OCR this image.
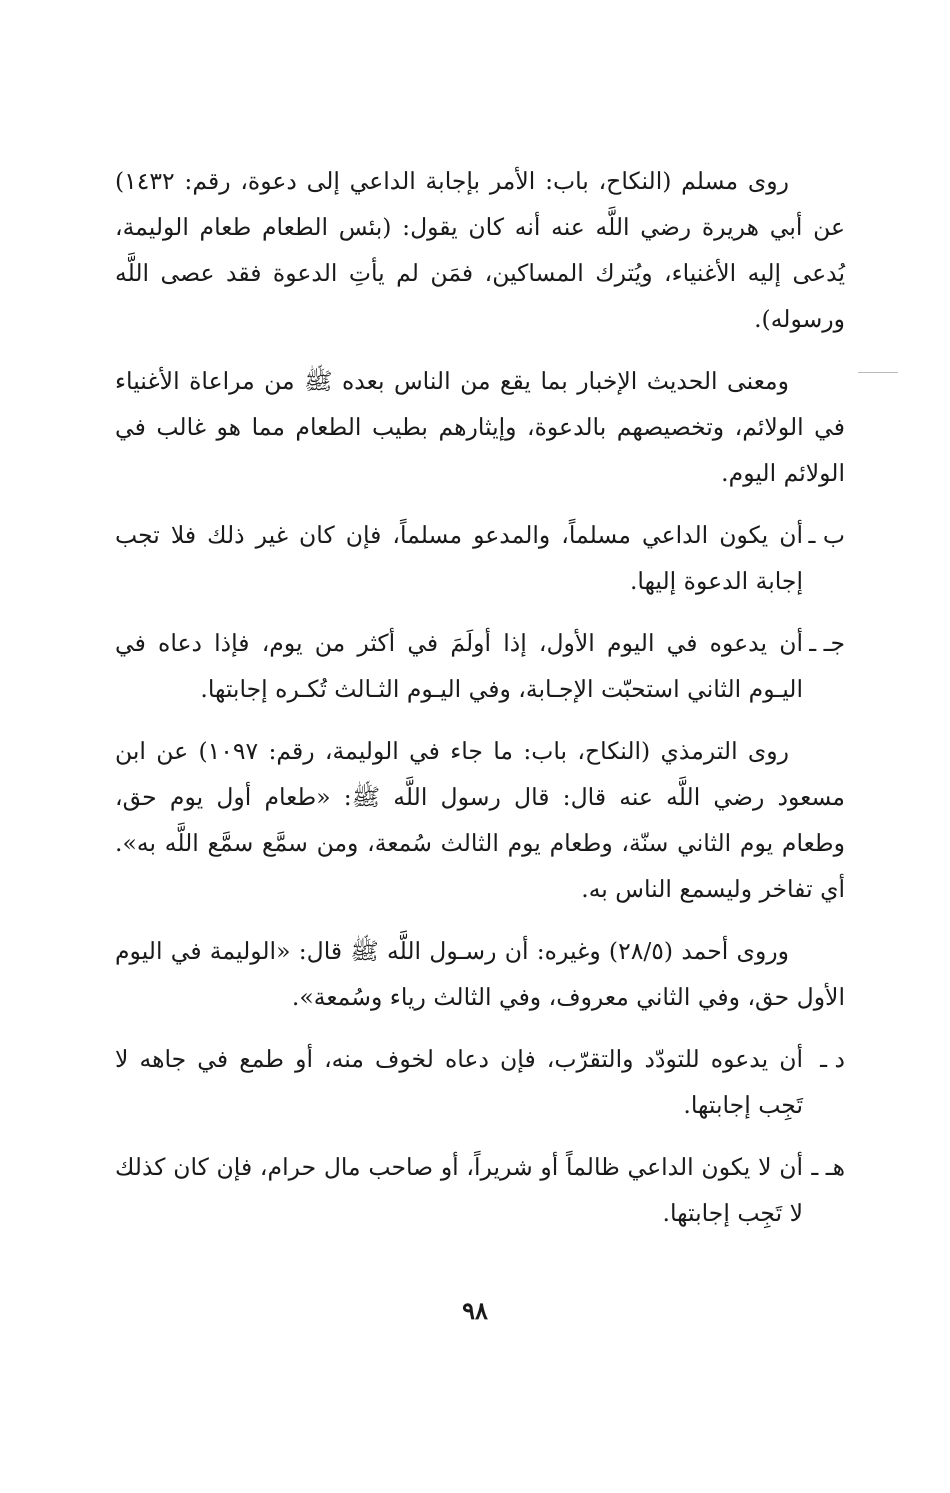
روى مسلم (النكاح، باب: الأمر بإجابة الداعي إلى دعوة، رقم: ١٤٣٢) عن أبي هريرة رضي اللَّه عنه أنه كان يقول: (بئس الطعام طعام الوليمة، يُدعى إليه الأغنياء، ويُترك المساكين، فمَن لم يأتِ الدعوة فقد عصى اللَّه ورسوله).

ومعنى الحديث الإخبار بما يقع من الناس بعده ﷺ من مراعاة الأغنياء في الولائم، وتخصيصهم بالدعوة، وإيثارهم بطيب الطعام مما هو غالب في الولائم اليوم.

ب ـ
أن يكون الداعي مسلماً، والمدعو مسلماً، فإن كان غير ذلك فلا تجب إجابة الدعوة إليها.
جـ ـ
أن يدعوه في اليوم الأول، إذا أولَمَ في أكثر من يوم، فإذا دعاه في اليـوم الثاني استحبّت الإجـابة، وفي اليـوم الثـالث تُكـره إجابتها.

روى الترمذي (النكاح، باب: ما جاء في الوليمة، رقم: ١٠٩٧) عن ابن مسعود رضي اللَّه عنه قال: قال رسول اللَّه ﷺ: «طعام أول يوم حق، وطعام يوم الثاني سنّة، وطعام يوم الثالث سُمعة، ومن سمَّع سمَّع اللَّه به». أي تفاخر وليسمع الناس به.

وروى أحمد (٢٨/٥) وغيره: أن رسـول اللَّه ﷺ قال: «الوليمة في اليوم الأول حق، وفي الثاني معروف، وفي الثالث رياء وسُمعة».

د ـ
أن يدعوه للتودّد والتقرّب، فإن دعاه لخوف منه، أو طمع في جاهه لا تَجِب إجابتها.
هـ ـ
أن لا يكون الداعي ظالماً أو شريراً، أو صاحب مال حرام، فإن كان كذلك لا تَجِب إجابتها.
٩٨
